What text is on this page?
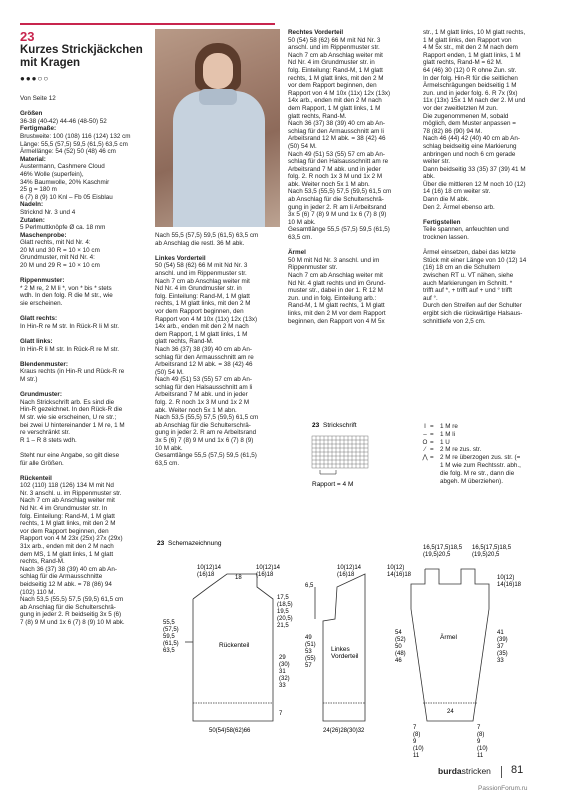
23
Kurzes Strickjäckchen mit Kragen
●●●○○

Von Seite 12

Größen

36-38 (40-42) 44-46 (48-50) 52

Fertigmaße:

Brustweite: 100 (108) 116 (124) 132 cm

Länge: 55,5 (57,5) 59,5 (61,5) 63,5 cm

Ärmellänge: 54 (52) 50 (48) 46 cm

Material:

Austermann, Cashmere Cloud

46% Wolle (superfein),

34% Baumwolle, 20% Kaschmir

25 g = 180 m

6 (7) 8 (9) 10 Knl – Fb 05 Eisblau

Nadeln:

Stricknd Nr. 3 und 4

Zutaten:

5 Perlmuttknöpfe Ø ca. 18 mm

Maschenprobe:

Glatt rechts, mit Nd Nr. 4:

20 M und 30 R = 10 × 10 cm

Grundmuster, mit Nd Nr. 4:

20 M und 29 R = 10 × 10 cm

Rippenmuster:

* 2 M re, 2 M li *, von * bis * stets

wdh. In den folg. R die M str., wie

sie erscheinen.

Glatt rechts:

In Hin-R re M str. In Rück-R li M str.

Glatt links:

In Hin-R li M str. In Rück-R re M str.

Blendenmuster:

Kraus rechts (in Hin-R und Rück-R re

M str.)

Grundmuster:

Nach Strickschrift arb. Es sind die

Hin-R gezeichnet. In den Rück-R die

M str. wie sie erscheinen, U re str.;

bei zwei U hintereinander 1 M re, 1 M

re verschränkt str.

R 1 – R 8 stets wdh.

Steht nur eine Angabe, so gilt diese

für alle Größen.

Rückenteil

102 (110) 118 (126) 134 M mit Nd

Nr. 3 anschl. u. im Rippenmuster str.

Nach 7 cm ab Anschlag weiter mit

Nd Nr. 4 im Grundmuster str. In

folg. Einteilung: Rand-M, 1 M glatt

rechts, 1 M glatt links, mit den 2 M

vor dem Rapport beginnen, den

Rapport von 4 M 23x (25x) 27x (29x)

31x arb., enden mit den 2 M nach

dem MS, 1 M glatt links, 1 M glatt

rechts, Rand-M.

Nach 36 (37) 38 (39) 40 cm ab An-

schlag für die Armausschnitte

beidseitig 12 M abk. = 78 (86) 94

(102) 110 M.

Nach 53,5 (55,5) 57,5 (59,5) 61,5 cm

ab Anschlag für die Schulterschrä-

gung in jeder 2. R beidseitig 3x 5 (6)

7 (8) 9 M und 1x 6 (7) 8 (9) 10 M abk.

Nach 55,5 (57,5) 59,5 (61,5) 63,5 cm

ab Anschlag die restl. 36 M abk.

Linkes Vorderteil

50 (54) 58 (62) 66 M mit Nd Nr. 3

anschl. und im Rippenmuster str.

Nach 7 cm ab Anschlag weiter mit

Nd Nr. 4 im Grundmuster str. in

folg. Einteilung: Rand-M, 1 M glatt

rechts, 1 M glatt links, mit den 2 M

vor dem Rapport beginnen, den

Rapport von 4 M 10x (11x) 12x (13x)

14x arb., enden mit den 2 M nach

dem Rapport, 1 M glatt links, 1 M

glatt rechts, Rand-M.

Nach 36 (37) 38 (39) 40 cm ab An-

schlag für den Armausschnitt am re

Arbeitsrand 12 M abk. = 38 (42) 46

(50) 54 M.

Nach 49 (51) 53 (55) 57 cm ab An-

schlag für den Halsausschnitt am li

Arbeitsrand 7 M abk. und in jeder

folg. 2. R noch 1x 3 M und 1x 2 M

abk. Weiter noch 5x 1 M abn.

Nach 53,5 (55,5) 57,5 (59,5) 61,5 cm

ab Anschlag für die Schulterschrä-

gung in jeder 2. R am re Arbeitsrand

3x 5 (6) 7 (8) 9 M und 1x 6 (7) 8 (9)

10 M abk.

Gesamtlänge 55,5 (57,5) 59,5 (61,5)

63,5 cm.

Rechtes Vorderteil

50 (54) 58 (62) 66 M mit Nd Nr. 3

anschl. und im Rippenmuster str.

Nach 7 cm ab Anschlag weiter mit

Nd Nr. 4 im Grundmuster str. in

folg. Einteilung: Rand-M, 1 M glatt

rechts, 1 M glatt links, mit den 2 M

vor dem Rapport beginnen, den

Rapport von 4 M 10x (11x) 12x (13x)

14x arb., enden mit den 2 M nach

dem Rapport, 1 M glatt links, 1 M

glatt rechts, Rand-M.

Nach 36 (37) 38 (39) 40 cm ab An-

schlag für den Armausschnitt am li

Arbeitsrand 12 M abk. = 38 (42) 46

(50) 54 M.

Nach 49 (51) 53 (55) 57 cm ab An-

schlag für den Halsausschnitt am re

Arbeitsrand 7 M abk. und in jeder

folg. 2. R noch 1x 3 M und 1x 2 M

abk. Weiter noch 5x 1 M abn.

Nach 53,5 (55,5) 57,5 (59,5) 61,5 cm

ab Anschlag für die Schulterschrä-

gung in jeder 2. R am li Arbeitsrand

3x 5 (6) 7 (8) 9 M und 1x 6 (7) 8 (9)

10 M abk.

Gesamtlänge 55,5 (57,5) 59,5 (61,5)

63,5 cm.

Ärmel

50 M mit Nd Nr. 3 anschl. und im

Rippenmuster str.

Nach 7 cm ab Anschlag weiter mit

Nd Nr. 4 glatt rechts und im Grund-

muster str., dabei in der 1. R 12 M

zun. und in folg. Einteilung arb.:

Rand-M, 1 M glatt rechts, 1 M glatt

links, mit den 2 M vor dem Rapport

beginnen, den Rapport von 4 M 5x

str., 1 M glatt links, 10 M glatt rechts,

1 M glatt links, den Rapport von

4 M 5x str., mit den 2 M nach dem

Rapport enden, 1 M glatt links, 1 M

glatt rechts, Rand-M = 62 M.

64 (46) 30 (12) 0 R ohne Zun. str.

In der folg. Hin-R für die seitlichen

Ärmelschrägungen beidseitig 1 M

zun. und in jeder folg. 6. R 7x (9x)

11x (13x) 15x 1 M nach der 2. M und

vor der zweitletzten M zun.

Die zugenommenen M, sobald

möglich, dem Muster anpassen =

78 (82) 86 (90) 94 M.

Nach 46 (44) 42 (40) 40 cm ab An-

schlag beidseitig eine Markierung

anbringen und noch 6 cm gerade

weiter str.

Dann beidseitig 33 (35) 37 (39) 41 M

abk.

Über die mittleren 12 M noch 10 (12)

14 (16) 18 cm weiter str.

Dann die M abk.

Den 2. Ärmel ebenso arb.

Fertigstellen

Teile spannen, anfeuchten und

trocknen lassen.

Ärmel einsetzen, dabei das letzte

Stück mit einer Länge von 10 (12) 14

(16) 18 cm an die Schultern

zwischen RT u. VT nähen, siehe

auch Markierungen im Schnitt. *

trifft auf *, + trifft auf + und ° trifft

auf °.

Durch den Streifen auf der Schulter

ergibt sich die rückwärtige Halsaus-

schnittiefe von 2,5 cm.

23 Strickschrift
Rapport = 4 M
I =	1 M re
– =	1 M li
O =	1 U
∕ =	2 M re zus. str.
⋀ =	2 M re überzogen zus. str. (=
1 M wie zum Rechtsstr. abh.,
die folg. M re str., dann die
abgeh. M überziehen).
23 Schemazeichnung
Rückenteil
10(12)14 (16)18	18
10(12)14 (16)18
55,5 (57,5) 59,5 (61,5) 63,5
17,5 (18,5) 19,5 (20,5) 21,5
29 (30) 31 (32) 33
7
50(54)58(62)66
Linkes Vorderteil
10(12)14 (16)18
6,5
49 (51) 53 (55) 57
24(26)28(30)32
Ärmel
16,5(17,5)18,5 (19,5)20,5
16,5(17,5)18,5 (19,5)20,5
10(12) 14(16)18	10(12) 14(16)18
54 (52) 50 (48) 46
41 (39) 37 (35) 33
24
7 (8) 9 (10) 11
7 (8) 9 (10) 11
burdastricken 81
PassionForum.ru
